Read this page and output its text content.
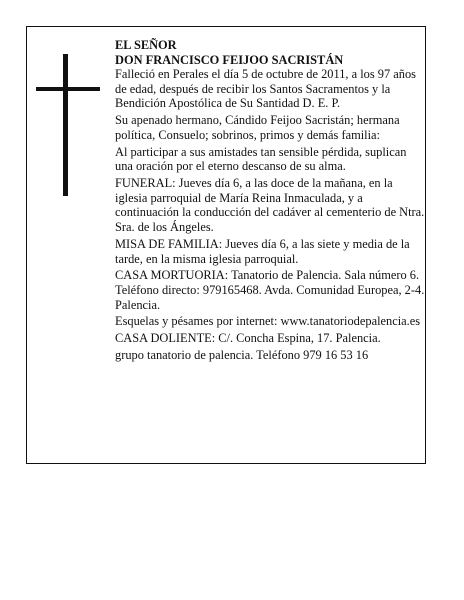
EL SEÑOR

DON FRANCISCO FEIJOO SACRISTÁN

Falleció en Perales el día 5 de octubre de 2011, a los 97 años de edad, después de recibir los Santos Sacramentos y la Bendición Apostólica de Su Santidad D. E. P.

Su apenado hermano, Cándido Feijoo Sacristán; hermana política, Consuelo; sobrinos, primos y demás familia:

Al participar a sus amistades tan sensible pérdida, suplican una oración por el eterno descanso de su alma.

FUNERAL: Jueves día 6, a las doce de la mañana, en la iglesia parroquial de María Reina Inmaculada, y a continuación la conducción del cadáver al cementerio de Ntra. Sra. de los Ángeles.

MISA DE FAMILIA: Jueves día 6, a las siete y media de la tarde, en la misma iglesia parroquial.

CASA MORTUORIA: Tanatorio de Palencia. Sala número 6. Teléfono directo: 979165468. Avda. Comunidad Europea, 2-4. Palencia.

Esquelas y pésames por internet: www.tanatoriodepalencia.es

CASA DOLIENTE: C/. Concha Espina, 17. Palencia.

grupo tanatorio de palencia. Teléfono 979 16 53 16
